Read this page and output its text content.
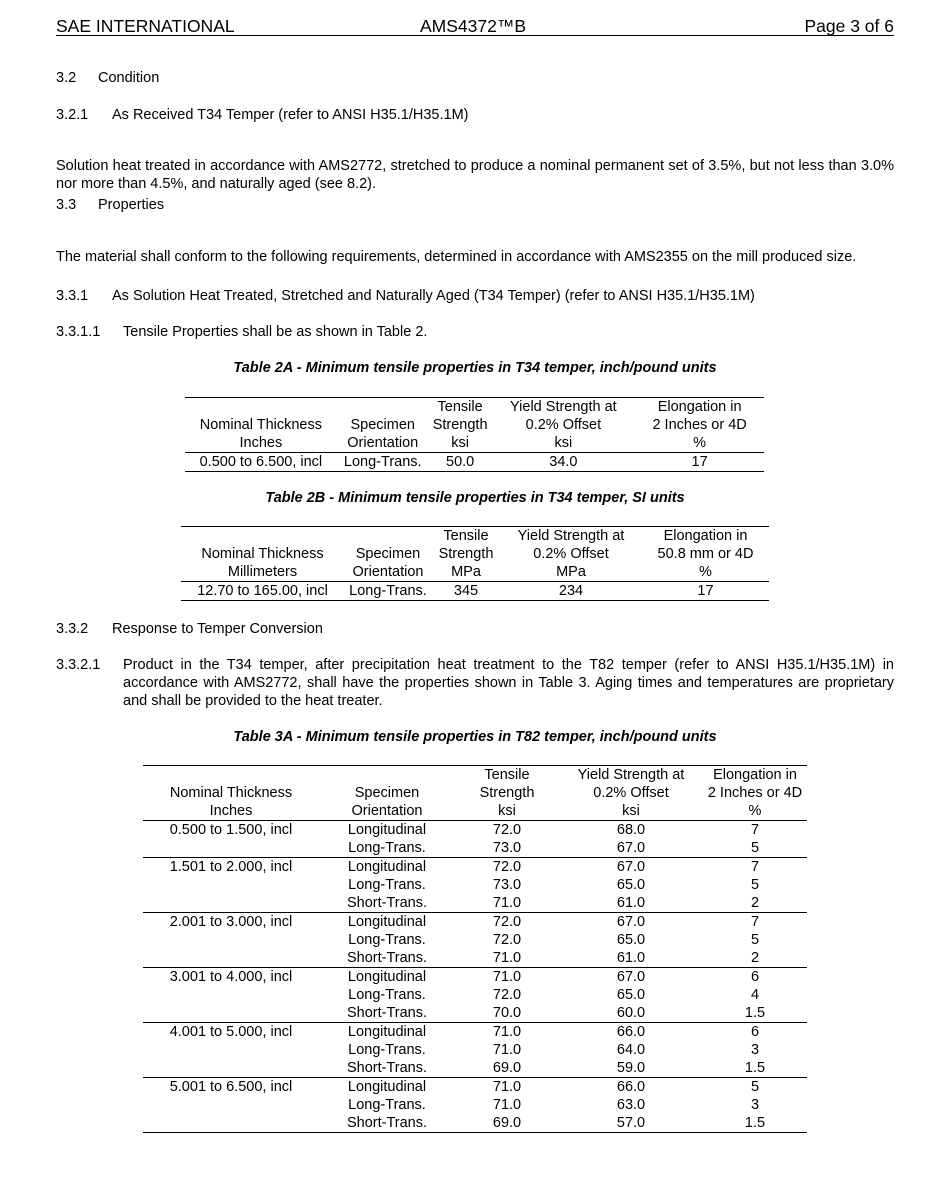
SAE INTERNATIONAL	AMS4372™B	Page 3 of 6
3.2 Condition
3.2.1 As Received T34 Temper (refer to ANSI H35.1/H35.1M)

Solution heat treated in accordance with AMS2772, stretched to produce a nominal permanent set of 3.5%, but not less than 3.0% nor more than 4.5%, and naturally aged (see 8.2).

3.3 Properties

The material shall conform to the following requirements, determined in accordance with AMS2355 on the mill produced size.

3.3.1 As Solution Heat Treated, Stretched and Naturally Aged (T34 Temper) (refer to ANSI H35.1/H35.1M)
3.3.1.1 Tensile Properties shall be as shown in Table 2.
Table 2A - Minimum tensile properties in T34 temper, inch/pound units
		Tensile	Yield Strength at	Elongation in
Nominal Thickness	Specimen	Strength	0.2% Offset	2 Inches or 4D
Inches	Orientation	ksi	ksi	%
0.500 to 6.500, incl	Long-Trans.	50.0	34.0	17
Table 2B - Minimum tensile properties in T34 temper, SI units
		Tensile	Yield Strength at	Elongation in
Nominal Thickness	Specimen	Strength	0.2% Offset	50.8 mm or 4D
Millimeters	Orientation	MPa	MPa	%
12.70 to 165.00, incl	Long-Trans.	345	234	17
3.3.2 Response to Temper Conversion
3.3.2.1 Product in the T34 temper, after precipitation heat treatment to the T82 temper (refer to ANSI H35.1/H35.1M) in accordance with AMS2772, shall have the properties shown in Table 3. Aging times and temperatures are proprietary and shall be provided to the heat treater.

Table 3A - Minimum tensile properties in T82 temper, inch/pound units
		Tensile	Yield Strength at	Elongation in
Nominal Thickness	Specimen	Strength	0.2% Offset	2 Inches or 4D
Inches	Orientation	ksi	ksi	%
0.500 to 1.500, incl	Longitudinal	72.0	68.0	7
	Long-Trans.	73.0	67.0	5
1.501 to 2.000, incl	Longitudinal	72.0	67.0	7
	Long-Trans.	73.0	65.0	5
	Short-Trans.	71.0	61.0	2
2.001 to 3.000, incl	Longitudinal	72.0	67.0	7
	Long-Trans.	72.0	65.0	5
	Short-Trans.	71.0	61.0	2
3.001 to 4.000, incl	Longitudinal	71.0	67.0	6
	Long-Trans.	72.0	65.0	4
	Short-Trans.	70.0	60.0	1.5
4.001 to 5.000, incl	Longitudinal	71.0	66.0	6
	Long-Trans.	71.0	64.0	3
	Short-Trans.	69.0	59.0	1.5
5.001 to 6.500, incl	Longitudinal	71.0	66.0	5
	Long-Trans.	71.0	63.0	3
	Short-Trans.	69.0	57.0	1.5
